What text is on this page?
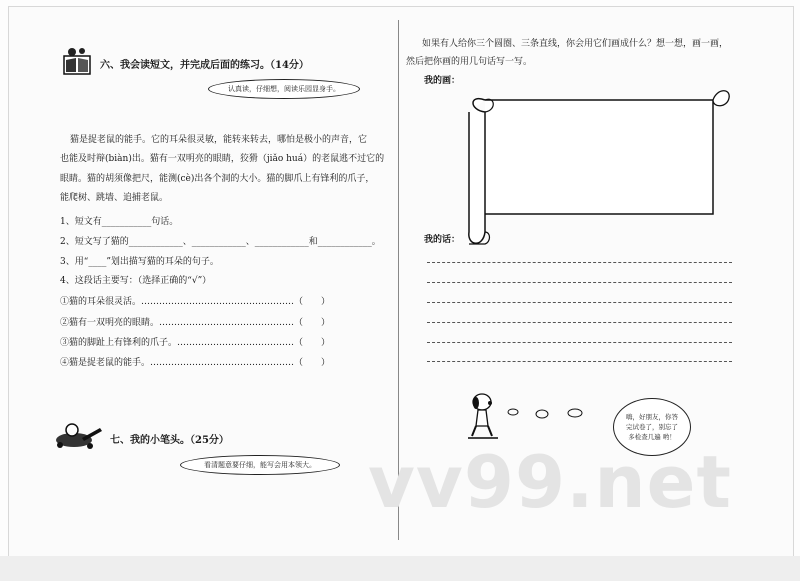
六、我会读短文，并完成后面的练习。（14分）
认真读，仔细想，阅读乐园显身手。
猫是捉老鼠的能手。它的耳朵很灵敏，能转来转去，哪怕是极小的声音，它
也能及时辩(biàn)出。猫有一双明亮的眼睛，狡猾（jiǎo huá）的老鼠逃不过它的
眼睛。猫的胡须像把尺，能测(cè)出各个洞的大小。猫的脚爪上有锋利的爪子，
能爬树、跳墙、追捕老鼠。
1、短文有___________句话。
2、短文写了猫的____________、____________、____________和____________。
3、用“____”划出描写猫的耳朵的句子。
4、这段话主要写：（选择正确的“√”）
①猫的耳朵很灵活。……………………………………………（　　）
②猫有一双明亮的眼睛。………………………………………（　　）
③猫的脚趾上有锋利的爪子。…………………………………（　　）
④猫是捉老鼠的能手。…………………………………………（　　）
七、我的小笔头。（25分）
看清题意要仔细，能写会用本领大。
如果有人给你三个圆圈、三条直线，你会用它们画成什么？想一想，画一画，
然后把你画的用几句话写一写。
我的画：
我的话：
嗨，好朋友，你答
完试卷了，别忘了
多检查几遍 哟！
vv99.net
